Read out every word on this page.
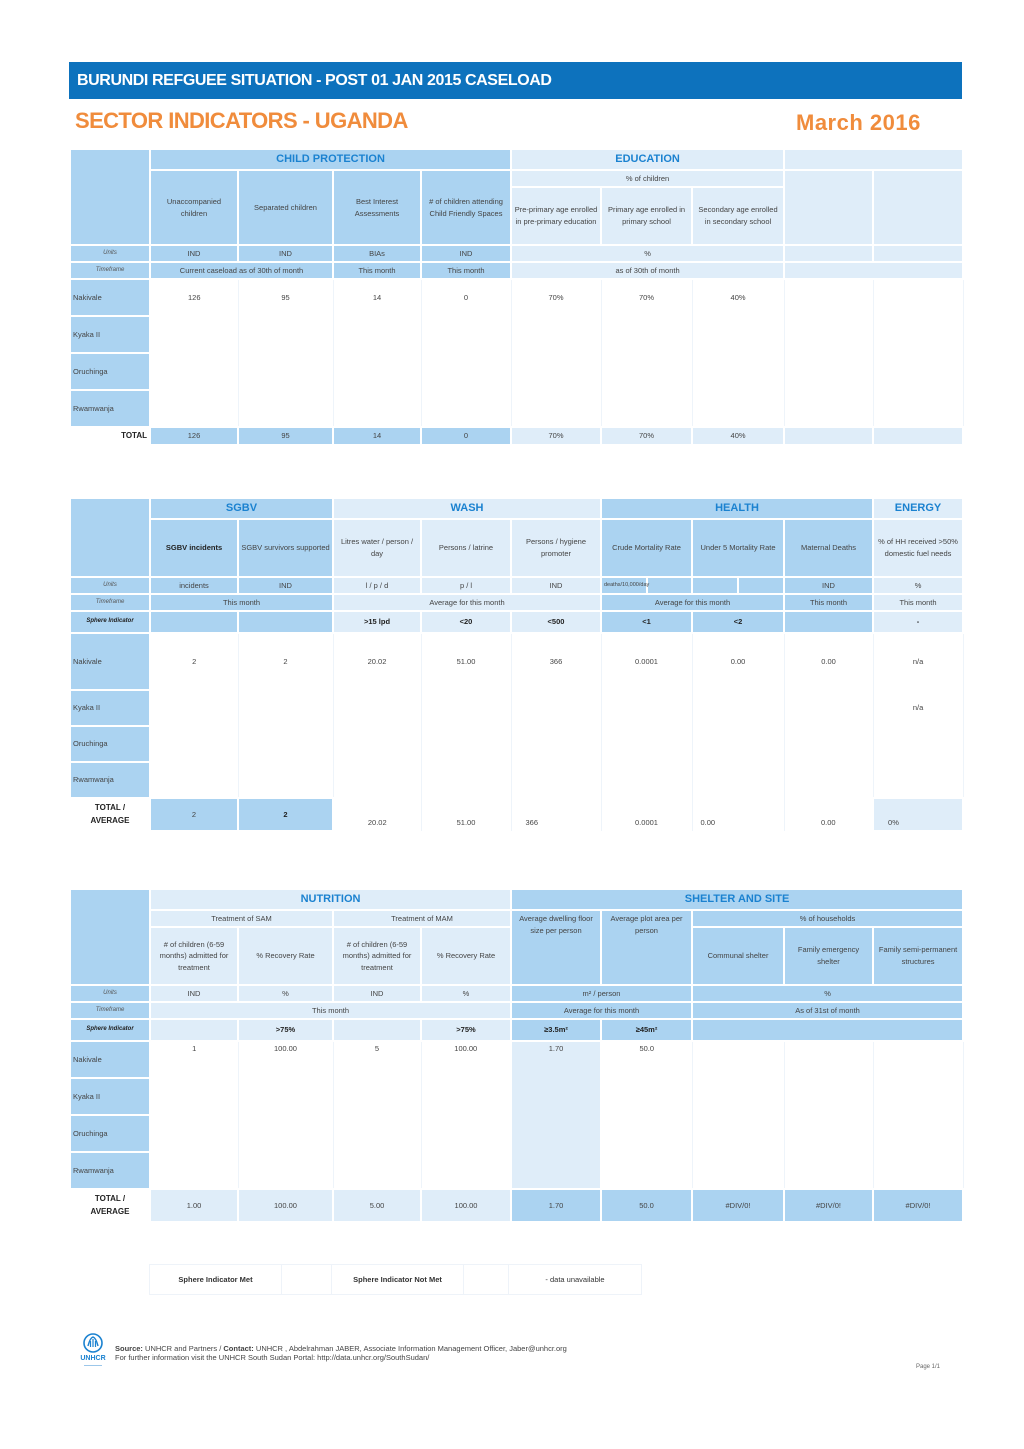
BURUNDI REFGUEE SITUATION - POST 01 JAN 2015 CASELOAD
SECTOR INDICATORS - UGANDA	March 2016
	CHILD PROTECTION				EDUCATION				
	Unaccompanied children	Separated children	Best Interest Assessments	# of children attending Child Friendly Spaces	% of children				
					Pre-primary age enrolled in pre-primary education	Primary age enrolled in primary school	Secondary age enrolled in secondary school		
Units	IND	IND	BIAs	IND	%				
Timeframe	Current caseload as of 30th of month		This month	This month	as of 30th of month				
Nakivale	126	95	14	0	70%	70%	40%		
Kyaka II									
Oruchinga									
Rwamwanja									
TOTAL	126	95	14	0	70%	70%	40%		
	SGBV		WASH			HEALTH					ENERGY
	SGBV incidents	SGBV survivors supported	Litres water / person / day	Persons / latrine	Persons / hygiene promoter	Crude Mortality Rate		Under 5 Mortality Rate		Maternal Deaths	% of HH received >50% domestic fuel needs
Units	incidents	IND	l / p / d	p / l	IND	deaths/10,000/day				IND	%
Timeframe	This month		Average for this month			Average for this month				This month	This month
Sphere Indicator			>15 lpd	<20	<500	<1		<2			-
Nakivale	2	2	20.02	51.00	366	0.0001		0.00		0.00	n/a
Kyaka II											n/a
Oruchinga											
Rwamwanja											
TOTAL /
AVERAGE	2	2	20.02	51.00	366	0.0001		0.00		0.00	0%
	NUTRITION				SHELTER AND SITE				
	Treatment of SAM		Treatment of MAM		Average dwelling floor size per person	Average plot area per person	% of households		
	# of children (6-59 months) admitted for treatment	% Recovery Rate	# of children (6-59 months) admitted for treatment	% Recovery Rate			Communal shelter	Family emergency shelter	Family semi-permanent structures
Units	IND	%	IND	%	m² / person		%		
Timeframe	This month				Average for this month		As of 31st of month		
Sphere Indicator		>75%		>75%	≥3.5m²	≥45m²			
Nakivale	1	100.00	5	100.00	1.70	50.0			
Kyaka II									
Oruchinga									
Rwamwanja									
TOTAL /
AVERAGE	1.00	100.00	5.00	100.00	1.70	50.0	#DIV/0!	#DIV/0!	#DIV/0!
Sphere Indicator Met		Sphere Indicator Not Met		- data unavailable
UNHCR
Source: UNHCR and Partners / Contact: UNHCR , Abdelrahman JABER, Associate Information Management Officer, Jaber@unhcr.org
For further information visit the UNHCR South Sudan Portal: http://data.unhcr.org/SouthSudan/
Page 1/1
